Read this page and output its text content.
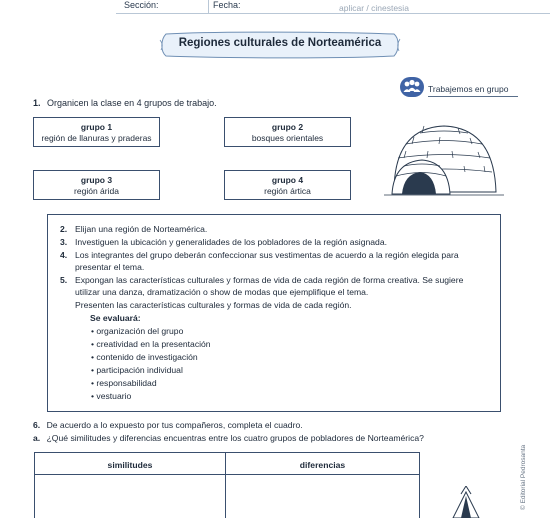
Sección:	Fecha:	aplicar / cinestesia
Regiones culturales de Norteamérica
Trabajemos en grupo
1. Organicen la clase en 4 grupos de trabajo.
grupo 1
región de llanuras y praderas
grupo 2
bosques orientales
grupo 3
región árida
grupo 4
región ártica
2. Elijan una región de Norteamérica.
3. Investiguen la ubicación y generalidades de los pobladores de la región asignada.
4. Los integrantes del grupo deberán confeccionar sus vestimentas de acuerdo a la región elegida para
presentar el tema.
5. Expongan las características culturales y formas de vida de cada región de forma creativa. Se sugiere
utilizar una danza, dramatización o show de modas que ejemplifique el tema.
Presenten las características culturales y formas de vida de cada región.
Se evaluará:
• organización del grupo
• creatividad en la presentación
• contenido de investigación
• participación individual
• responsabilidad
• vestuario
6. De acuerdo a lo expuesto por tus compañeros, completa el cuadro.
a. ¿Qué similitudes y diferencias encuentras entre los cuatro grupos de pobladores de Norteamérica?
similitudes	diferencias	© Editorial Pedrosanta
